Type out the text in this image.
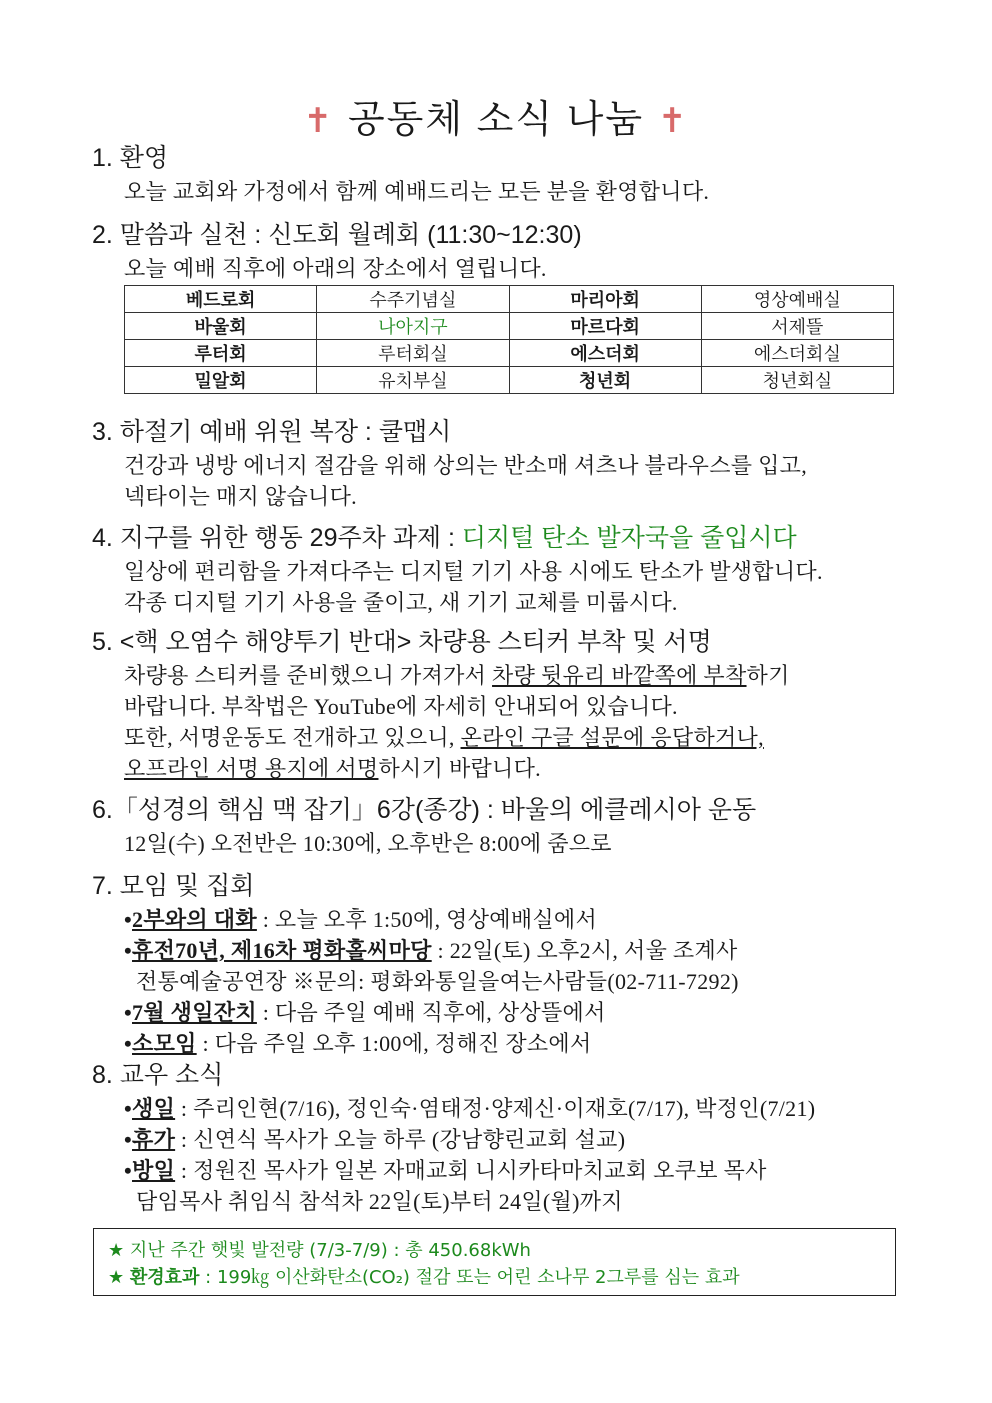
✝ 공동체 소식 나눔 ✝
1. 환영
오늘 교회와 가정에서 함께 예배드리는 모든 분을 환영합니다.
2. 말씀과 실천 : 신도회 월례회 (11:30~12:30)
오늘 예배 직후에 아래의 장소에서 열립니다.
베드로회	수주기념실	마리아회	영상예배실
바울회	나아지구	마르다회	서제뜰
루터회	루터회실	에스더회	에스더회실
밀알회	유치부실	청년회	청년회실
3. 하절기 예배 위원 복장 : 쿨맵시
건강과 냉방 에너지 절감을 위해 상의는 반소매 셔츠나 블라우스를 입고,
넥타이는 매지 않습니다.
4. 지구를 위한 행동 29주차 과제 : 디지털 탄소 발자국을 줄입시다
일상에 편리함을 가져다주는 디지털 기기 사용 시에도 탄소가 발생합니다.
각종 디지털 기기 사용을 줄이고, 새 기기 교체를 미룹시다.
5. <핵 오염수 해양투기 반대> 차량용 스티커 부착 및 서명
차량용 스티커를 준비했으니 가져가서 차량 뒷유리 바깥쪽에 부착하기
바랍니다. 부착법은 YouTube에 자세히 안내되어 있습니다.
또한, 서명운동도 전개하고 있으니, 온라인 구글 설문에 응답하거나,
오프라인 서명 용지에 서명하시기 바랍니다.
6.「성경의 핵심 맥 잡기」6강(종강) : 바울의 에클레시아 운동
12일(수) 오전반은 10:30에, 오후반은 8:00에 줌으로
7. 모임 및 집회
•2부와의 대화 : 오늘 오후 1:50에, 영상예배실에서
•휴전70년, 제16차 평화홀씨마당 : 22일(토) 오후2시, 서울 조계사
전통예술공연장 ※문의: 평화와통일을여는사람들(02-711-7292)
•7월 생일잔치 : 다음 주일 예배 직후에, 상상뜰에서
•소모임 : 다음 주일 오후 1:00에, 정해진 장소에서
8. 교우 소식
•생일 : 주리인현(7/16), 정인숙·염태정·양제신·이재호(7/17), 박정인(7/21)
•휴가 : 신연식 목사가 오늘 하루 (강남향린교회 설교)
•방일 : 정원진 목사가 일본 자매교회 니시카타마치교회 오쿠보 목사
담임목사 취임식 참석차 22일(토)부터 24일(월)까지
★ 지난 주간 햇빛 발전량 (7/3-7/9) : 총 450.68kWh
★ 환경효과 : 199㎏ 이산화탄소(CO₂) 절감 또는 어린 소나무 2그루를 심는 효과
